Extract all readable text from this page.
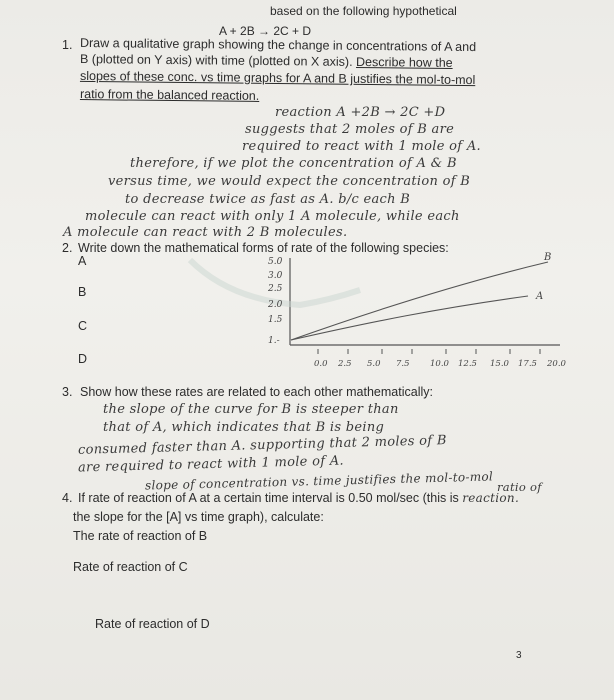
based on the following hypothetical
A + 2B → 2C + D
1. Draw a qualitative graph showing the change in concentrations of A and
B (plotted on Y axis) with time (plotted on X axis). Describe how the
slopes of these conc. vs time graphs for A and B justifies the mol-to-mol
ratio from the balanced reaction.
reaction A +2B → 2C +D
suggests that 2 moles of B are
required to react with 1 mole of A.
therefore, if we plot the concentration of A & B
versus time, we would expect the concentration of B
to decrease twice as fast as A. b/c each B
molecule can react with only 1 A molecule, while each
A molecule can react with 2 B molecules.
2. Write down the mathematical forms of rate of the following species:
A
B
C
D
5.0
3.0
2.5
2.0
1.5
1.-
0.0 2.5 5.0 7.5 10.0 12.5 15.0 17.5 20.0
B
A
3. Show how these rates are related to each other mathematically:
the slope of the curve for B is steeper than
that of A, which indicates that B is being
consumed faster than A. supporting that 2 moles of B
are required to react with 1 mole of A.
slope of concentration vs. time justifies the mol-to-mol ratio of
4. If rate of reaction of A at a certain time interval is 0.50 mol/sec (this is reaction.
the slope for the [A] vs time graph), calculate:
The rate of reaction of B
Rate of reaction of C
Rate of reaction of D
3
